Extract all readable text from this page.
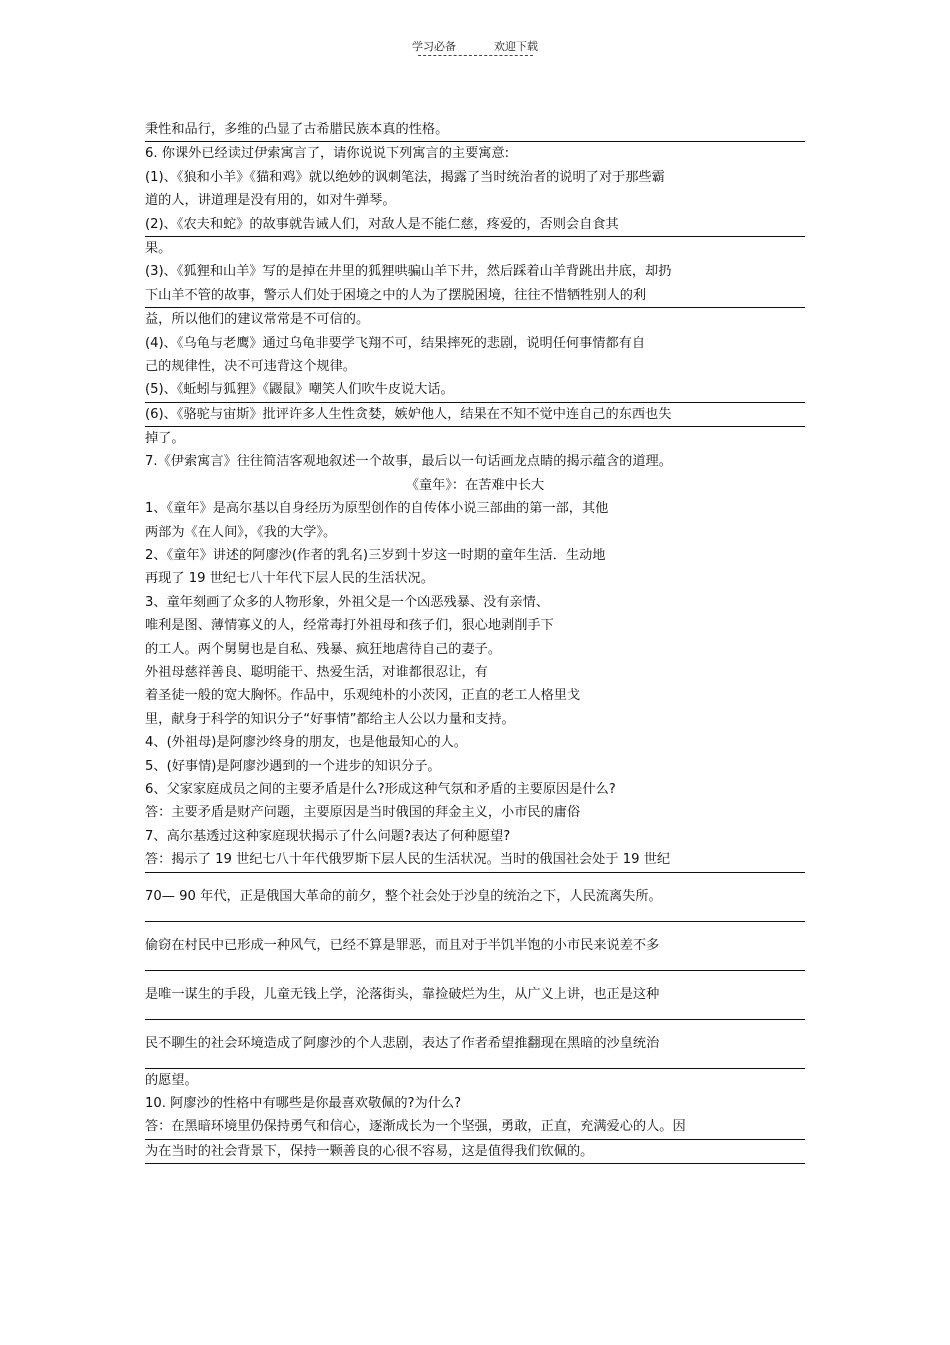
学习必备	欢迎下载
秉性和品行，多维的凸显了古希腊民族本真的性格。
6. 你课外已经读过伊索寓言了，请你说说下列寓言的主要寓意:
(1)、《狼和小羊》《猫和鸡》就以绝妙的讽刺笔法，揭露了当时统治者的说明了对于那些霸
道的人，讲道理是没有用的，如对牛弹琴。
(2)、《农夫和蛇》的故事就告诫人们，对敌人是不能仁慈，疼爱的，否则会自食其
果。
(3)、《狐狸和山羊》写的是掉在井里的狐狸哄骗山羊下井，然后踩着山羊背跳出井底，却扔
下山羊不管的故事，警示人们处于困境之中的人为了摆脱困境，往往不惜牺牲别人的利
益，所以他们的建议常常是不可信的。
(4)、《乌龟与老鹰》通过乌龟非要学飞翔不可，结果摔死的悲剧，说明任何事情都有自
己的规律性，决不可违背这个规律。
(5)、《蚯蚓与狐狸》《鼹鼠》嘲笑人们吹牛皮说大话。
(6)、《骆驼与宙斯》批评许多人生性贪婪，嫉妒他人，结果在不知不觉中连自己的东西也失
掉了。
7.《伊索寓言》往往简洁客观地叙述一个故事，最后以一句话画龙点睛的揭示蕴含的道理。
《童年》：在苦难中长大
1、《童年》是高尔基以自身经历为原型创作的自传体小说三部曲的第一部，其他
两部为《在人间》，《我的大学》。
2、《童年》讲述的阿廖沙(作者的乳名)三岁到十岁这一时期的童年生活．生动地
再现了 19 世纪七八十年代下层人民的生活状况。
3、童年刻画了众多的人物形象，外祖父是一个凶恶残暴、没有亲情、
唯利是图、薄情寡义的人，经常毒打外祖母和孩子们，狠心地剥削手下
的工人。两个舅舅也是自私、残暴、疯狂地虐待自己的妻子。
外祖母慈祥善良、聪明能干、热爱生活，对谁都很忍让，有
着圣徒一般的宽大胸怀。作品中，乐观纯朴的小茨冈，正直的老工人格里戈
里，献身于科学的知识分子“好事情”都给主人公以力量和支持。
4、(外祖母)是阿廖沙终身的朋友，也是他最知心的人。
5、(好事情)是阿廖沙遇到的一个进步的知识分子。
6、父家家庭成员之间的主要矛盾是什么?形成这种气氛和矛盾的主要原因是什么?
答：主要矛盾是财产问题，主要原因是当时俄国的拜金主义，小市民的庸俗
7、高尔基透过这种家庭现状揭示了什么问题?表达了何种愿望?
答：揭示了 19 世纪七八十年代俄罗斯下层人民的生活状况。当时的俄国社会处于 19 世纪
70— 90 年代，正是俄国大革命的前夕，整个社会处于沙皇的统治之下，人民流离失所。
偷窃在村民中已形成一种风气，已经不算是罪恶，而且对于半饥半饱的小市民来说差不多
是唯一谋生的手段，儿童无钱上学，沦落街头，靠捡破烂为生，从广义上讲，也正是这种
民不聊生的社会环境造成了阿廖沙的个人悲剧，表达了作者希望推翻现在黑暗的沙皇统治
的愿望。
10. 阿廖沙的性格中有哪些是你最喜欢敬佩的?为什么?
答：在黑暗环境里仍保持勇气和信心，逐渐成长为一个坚强，勇敢，正直，充满爱心的人。因
为在当时的社会背景下，保持一颗善良的心很不容易，这是值得我们钦佩的。
